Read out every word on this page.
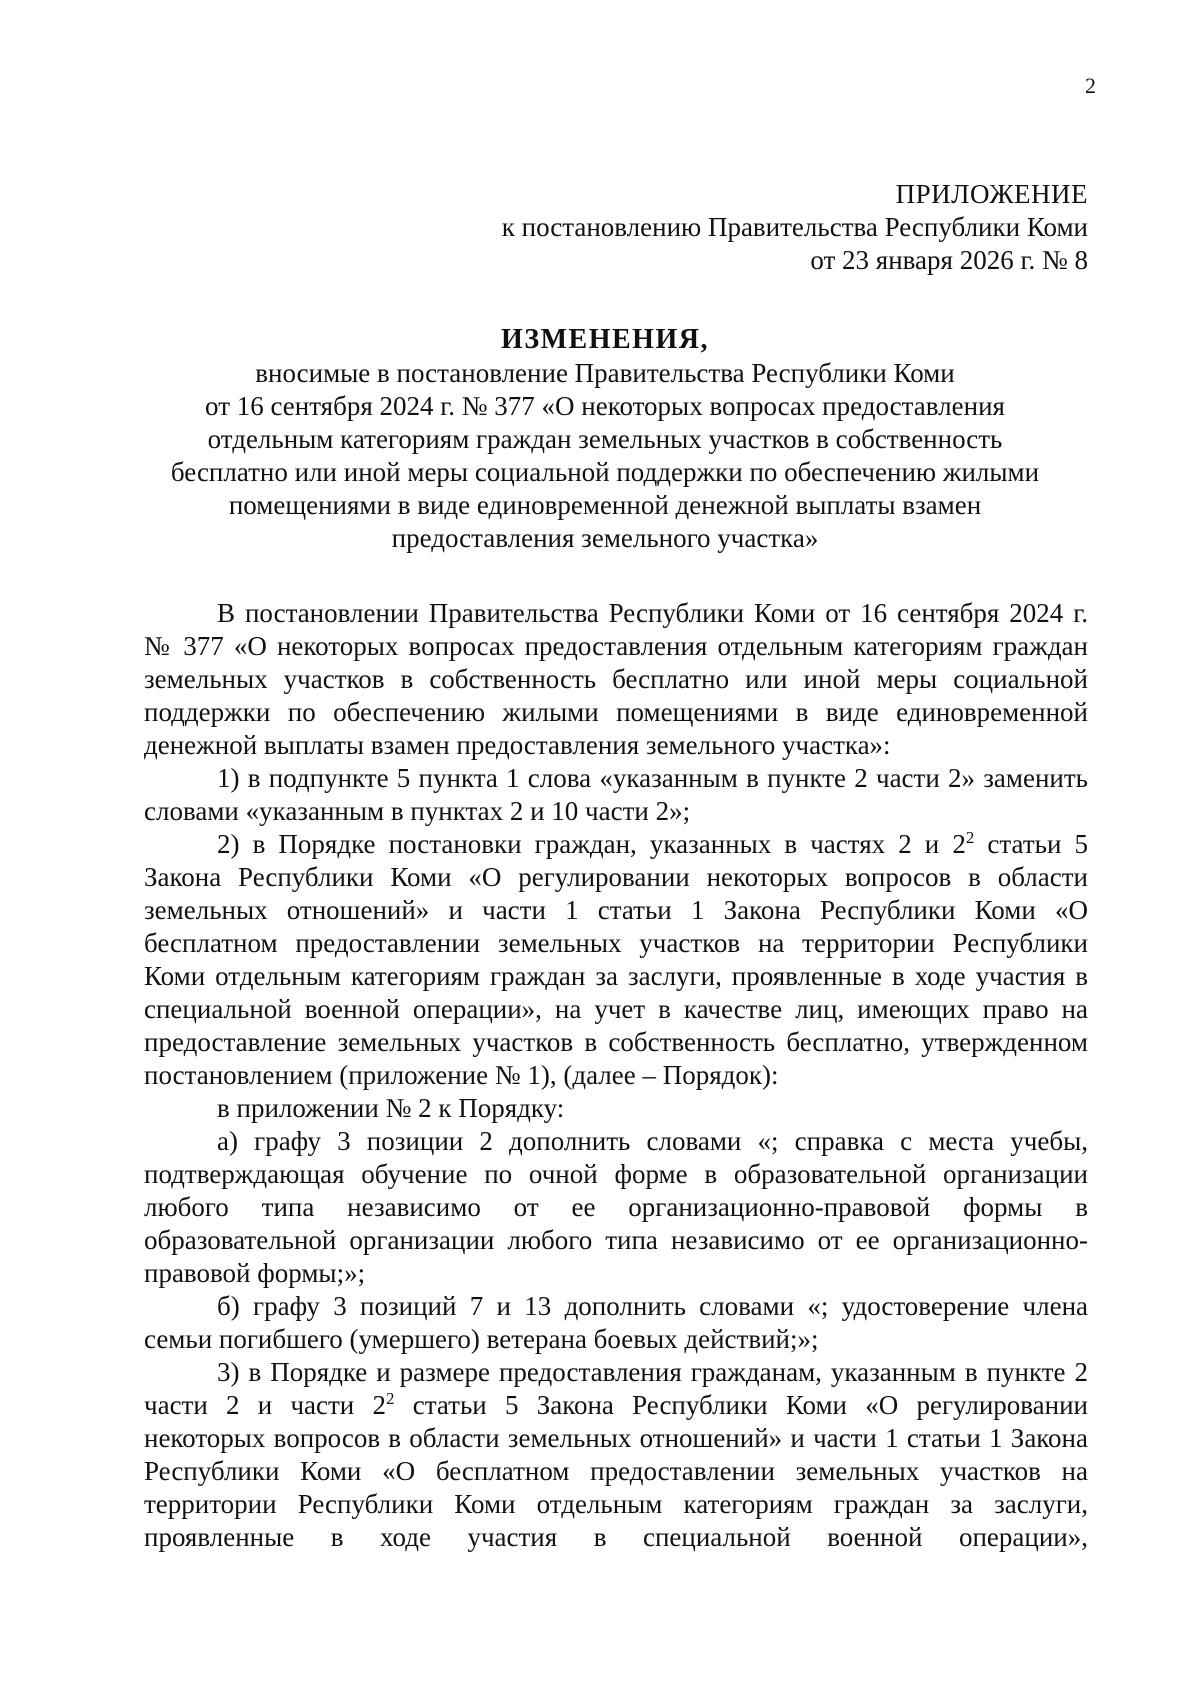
2
ПРИЛОЖЕНИЕ
к постановлению Правительства Республики Коми
от 23 января 2026 г. № 8
ИЗМЕНЕНИЯ,
вносимые в постановление Правительства Республики Коми
от 16 сентября 2024 г. № 377 «О некоторых вопросах предоставления
отдельным категориям граждан земельных участков в собственность
бесплатно или иной меры социальной поддержки по обеспечению жилыми
помещениями в виде единовременной денежной выплаты взамен
предоставления земельного участка»

В постановлении Правительства Республики Коми от 16 сентября 2024 г. № 377 «О некоторых вопросах предоставления отдельным категориям граждан земельных участков в собственность бесплатно или иной меры социальной поддержки по обеспечению жилыми помещениями в виде единовременной денежной выплаты взамен предоставления земельного участка»:

1) в подпункте 5 пункта 1 слова «указанным в пункте 2 части 2» заменить словами «указанным в пунктах 2 и 10 части 2»;

2) в Порядке постановки граждан, указанных в частях 2 и $2^2$ статьи 5 Закона Республики Коми «О регулировании некоторых вопросов в области земельных отношений» и части 1 статьи 1 Закона Республики Коми «О бесплатном предоставлении земельных участков на территории Республики Коми отдельным категориям граждан за заслуги, проявленные в ходе участия в специальной военной операции», на учет в качестве лиц, имеющих право на предоставление земельных участков в собственность бесплатно, утвержденном постановлением (приложение № 1), (далее – Порядок):

в приложении № 2 к Порядку:

а) графу 3 позиции 2 дополнить словами «; справка с места учебы, подтверждающая обучение по очной форме в образовательной организации любого типа независимо от ее организационно-правовой формы в образовательной организации любого типа независимо от ее организационно-правовой формы;»;

б) графу 3 позиций 7 и 13 дополнить словами «; удостоверение члена семьи погибшего (умершего) ветерана боевых действий;»;

3) в Порядке и размере предоставления гражданам, указанным в пункте 2 части 2 и части $2^2$ статьи 5 Закона Республики Коми «О регулировании некоторых вопросов в области земельных отношений» и части 1 статьи 1 Закона Республики Коми «О бесплатном предоставлении земельных участков на территории Республики Коми отдельным категориям граждан за заслуги, проявленные в ходе участия в специальной военной операции»,
